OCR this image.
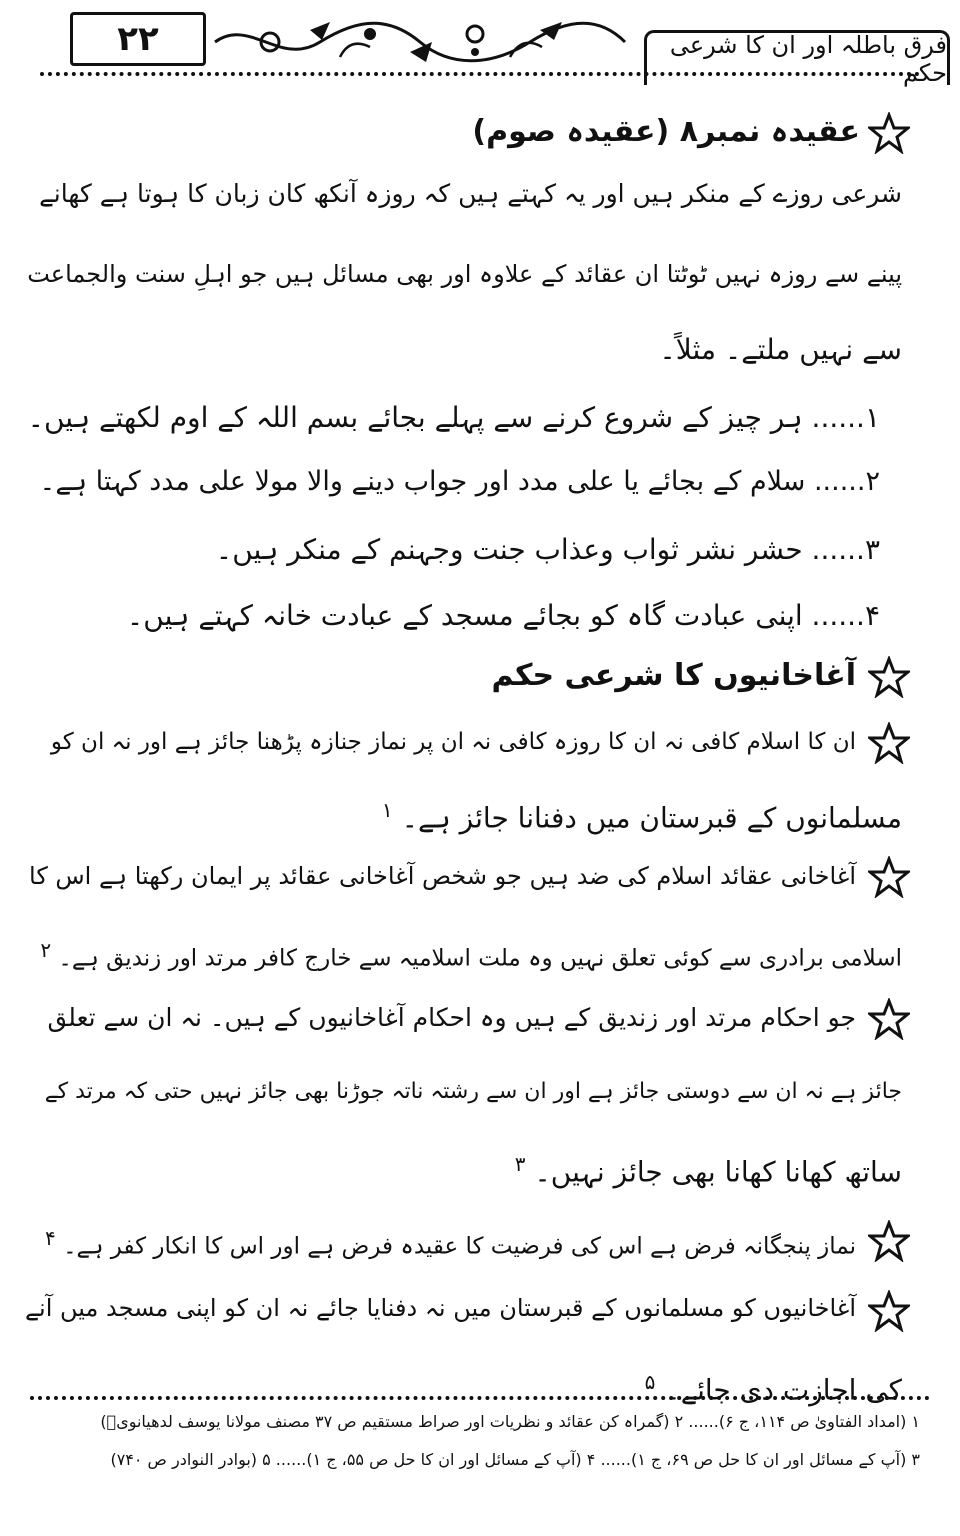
۲۲	فرق باطلہ اور ان کا شرعی حکم
عقیدہ نمبر۸ (عقیدہ صوم)
شرعی روزے کے منکر ہیں اور یہ کہتے ہیں کہ روزہ آنکھ کان زبان کا ہوتا ہے کھانے
پینے سے روزہ نہیں ٹوٹتا ان عقائد کے علاوہ اور بھی مسائل ہیں جو اہلِ سنت والجماعت
سے نہیں ملتے۔ مثلاً۔
۱...... ہر چیز کے شروع کرنے سے پہلے بجائے بسم اللہ کے اوم لکھتے ہیں۔
۲...... سلام کے بجائے یا علی مدد اور جواب دینے والا مولا علی مدد کہتا ہے۔
۳...... حشر نشر ثواب وعذاب جنت وجہنم کے منکر ہیں۔
۴...... اپنی عبادت گاہ کو بجائے مسجد کے عبادت خانہ کہتے ہیں۔
آغاخانیوں کا شرعی حکم
ان کا اسلام کافی نہ ان کا روزہ کافی نہ ان پر نماز جنازہ پڑھنا جائز ہے اور نہ ان کو
مسلمانوں کے قبرستان میں دفنانا جائز ہے۔ $^۱$
آغاخانی عقائد اسلام کی ضد ہیں جو شخص آغاخانی عقائد پر ایمان رکھتا ہے اس کا
اسلامی برادری سے کوئی تعلق نہیں وہ ملت اسلامیہ سے خارج کافر مرتد اور زندیق ہے۔ $^۲$
جو احکام مرتد اور زندیق کے ہیں وہ احکام آغاخانیوں کے ہیں۔ نہ ان سے تعلق
جائز ہے نہ ان سے دوستی جائز ہے اور ان سے رشتہ ناتہ جوڑنا بھی جائز نہیں حتی کہ مرتد کے
ساتھ کھانا کھانا بھی جائز نہیں۔ $^۳$
نماز پنجگانہ فرض ہے اس کی فرضیت کا عقیدہ فرض ہے اور اس کا انکار کفر ہے۔ $^۴$
آغاخانیوں کو مسلمانوں کے قبرستان میں نہ دفنایا جائے نہ ان کو اپنی مسجد میں آنے
کی اجازت دی جائے۔ $^۵$
۱ (امداد الفتاویٰ ص ۱۱۴، ج ۶)...... ۲ (گمراہ کن عقائد و نظریات اور صراط مستقیم ص ۳۷ مصنف مولانا یوسف لدھیانویؒ)
۳ (آپ کے مسائل اور ان کا حل ص ۶۹، ج ۱)...... ۴ (آپ کے مسائل اور ان کا حل ص ۵۵، ج ۱)...... ۵ (بوادر النوادر ص ۷۴۰)
